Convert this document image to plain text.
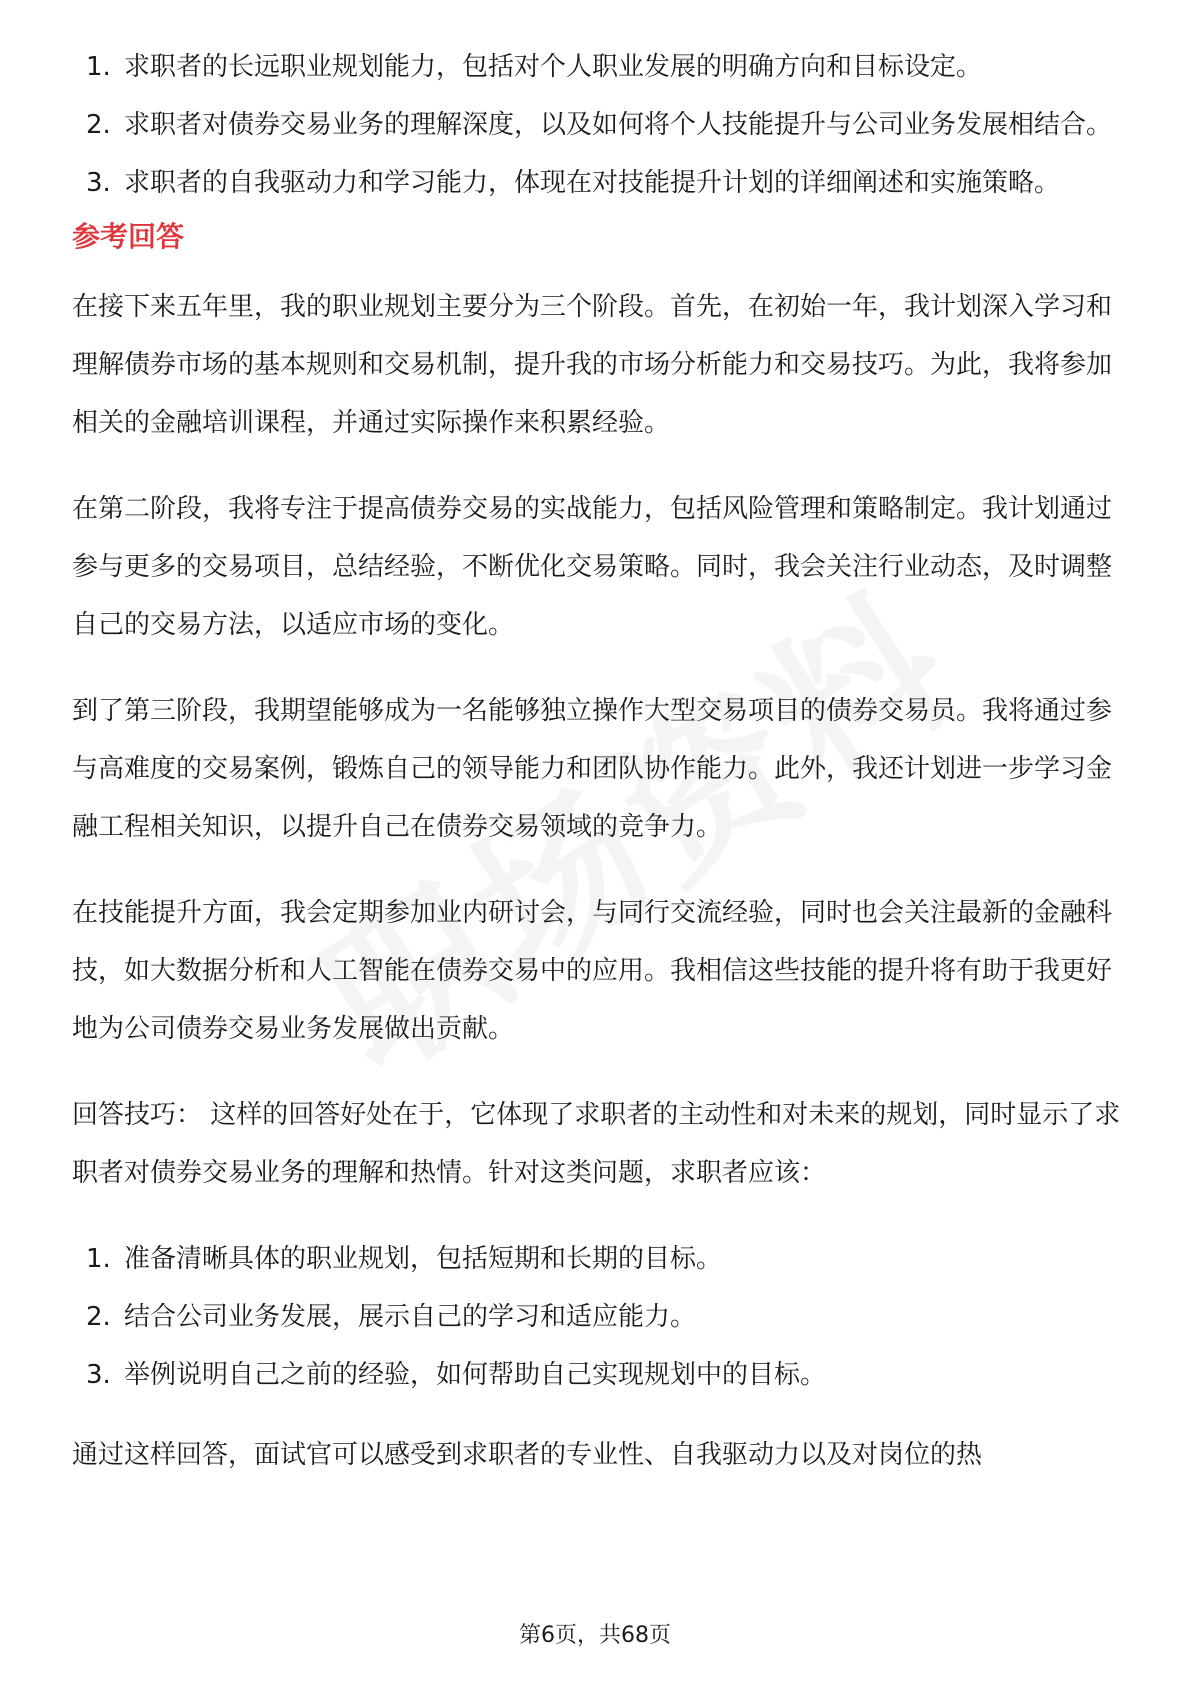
1. 求职者的长远职业规划能力，包括对个人职业发展的明确方向和目标设定。
2. 求职者对债券交易业务的理解深度，以及如何将个人技能提升与公司业务发展相结合。
3. 求职者的自我驱动力和学习能力，体现在对技能提升计划的详细阐述和实施策略。
参考回答

在接下来五年里，我的职业规划主要分为三个阶段。首先，在初始一年，我计划深入学习和理解债券市场的基本规则和交易机制，提升我的市场分析能力和交易技巧。为此，我将参加相关的金融培训课程，并通过实际操作来积累经验。

在第二阶段，我将专注于提高债券交易的实战能力，包括风险管理和策略制定。我计划通过参与更多的交易项目，总结经验，不断优化交易策略。同时，我会关注行业动态，及时调整自己的交易方法，以适应市场的变化。

到了第三阶段，我期望能够成为一名能够独立操作大型交易项目的债券交易员。我将通过参与高难度的交易案例，锻炼自己的领导能力和团队协作能力。此外，我还计划进一步学习金融工程相关知识，以提升自己在债券交易领域的竞争力。

在技能提升方面，我会定期参加业内研讨会，与同行交流经验，同时也会关注最新的金融科技，如大数据分析和人工智能在债券交易中的应用。我相信这些技能的提升将有助于我更好地为公司债券交易业务发展做出贡献。

回答技巧： 这样的回答好处在于，它体现了求职者的主动性和对未来的规划，同时显示了求职者对债券交易业务的理解和热情。针对这类问题，求职者应该：

1. 准备清晰具体的职业规划，包括短期和长期的目标。
2. 结合公司业务发展，展示自己的学习和适应能力。
3. 举例说明自己之前的经验，如何帮助自己实现规划中的目标。

通过这样回答，面试官可以感受到求职者的专业性、自我驱动力以及对岗位的热

第6页，共68页
